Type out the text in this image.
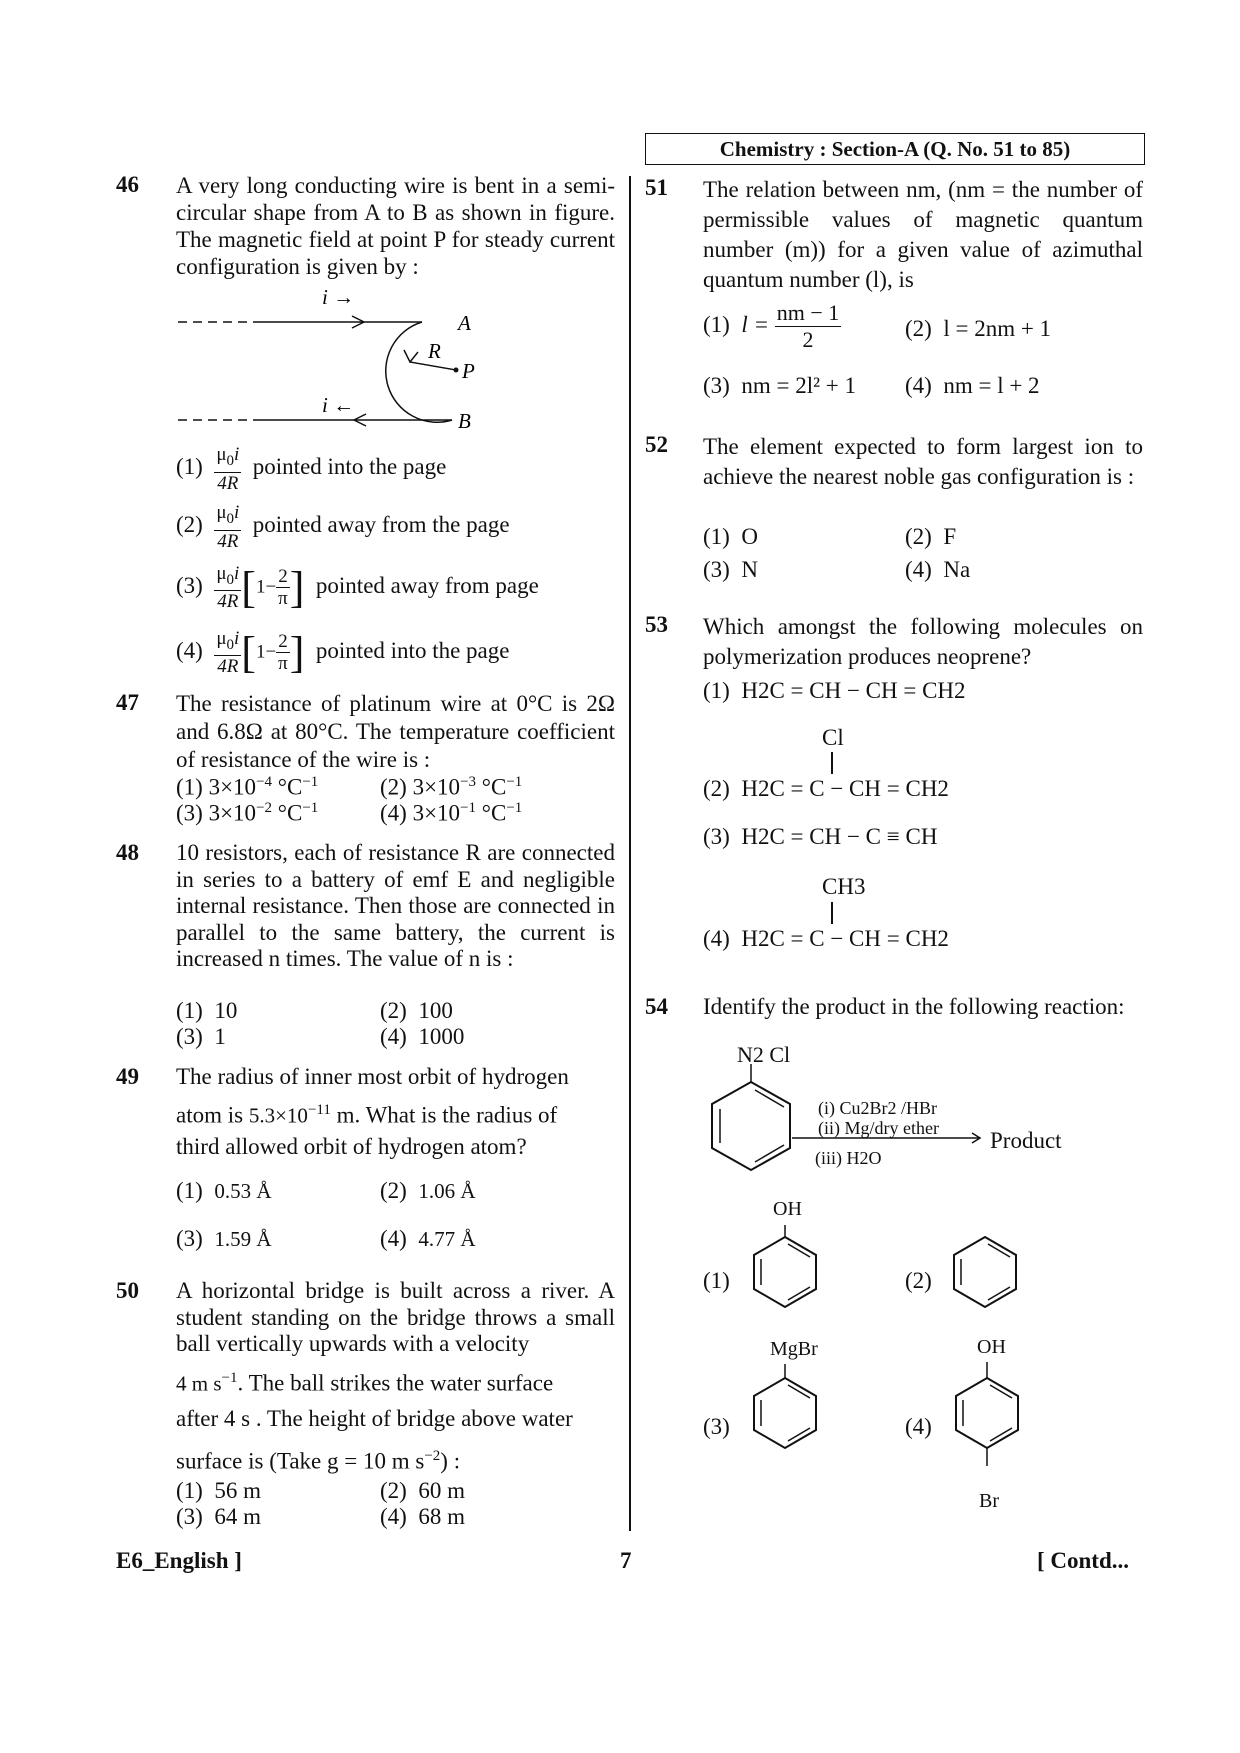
Chemistry : Section-A (Q. No. 51 to 85)
46 A very long conducting wire is bent in a semi-circular shape from A to B as shown in figure. The magnetic field at point P for steady current configuration is given by :
i →
i ←
A
B
R
P
$(1) \frac{\mu_0i}{4R}$ pointed into the page
$(2) \frac{\mu_0i}{4R}$ pointed away from the page
$(3) \frac{\mu_0i}{4R} [1- \frac{2}{\pi}$ ] pointed away from page
$(4) \frac{\mu_0i}{4R} [1- \frac{2}{\pi}$ ] pointed into the page
47 The resistance of platinum wire at 0°C is 2Ω and 6.8Ω at 80°C. The temperature coefficient of resistance of the wire is :
(1) $3\times 10^{-4}$ $^\circ C^{-1}$	(2) $3\times 10^{-3}$ $^\circ C^{-1}$
(3) $3\times 10^{-2}$ $^\circ C^{-1}$	(4) $3\times 10^{-1}$ $^\circ C^{-1}$
48 10 resistors, each of resistance R are connected in series to a battery of emf E and negligible internal resistance. Then those are connected in parallel to the same battery, the current is increased n times. The value of n is :
(1) 10	(2) 100
(3) 1	(4) 1000
49 The radius of inner most orbit of hydrogen
atom is $5.3\times 10^{-11}$ m. What is the radius of
third allowed orbit of hydrogen atom?
(1) 0.53 Å	(2) 1.06 Å
(3) 1.59 Å	(4) 4.77 Å
50 A horizontal bridge is built across a river. A student standing on the bridge throws a small ball vertically upwards with a velocity
4 m $s^{-1}$. The ball strikes the water surface
after 4 s . The height of bridge above water
surface is (Take g = 10 m $s^{-2}$) :
(1) 56 m	(2) 60 m
(3) 64 m	(4) 68 m
51 The relation between nm, (nm = the number of permissible values of magnetic quantum number (m)) for a given value of azimuthal quantum number (l), is
(1) $l = \frac{nm - 1}{2}$	(2) l = 2nm + 1
(3) nm = 2l² + 1 (4) nm = l + 2
52 The element expected to form largest ion to achieve the nearest noble gas configuration is :
(1) O	(2) F
(3) N	(4) Na
53 Which amongst the following molecules on polymerization produces neoprene?
(1) H2C = CH − CH = CH2
Cl
(2) H2C = C − CH = CH2
(3) H2C = CH − C ≡ CH
CH3
(4) H2C = C − CH = CH2
54 Identify the product in the following reaction:
N2 Cl
(i) Cu2Br2 /HBr
(ii) Mg/dry ether
(iii) H2O
Product
(1)
OH
(2)
(3)
MgBr
(4)
OH
Br
E6_English ]	7	[ Contd...
